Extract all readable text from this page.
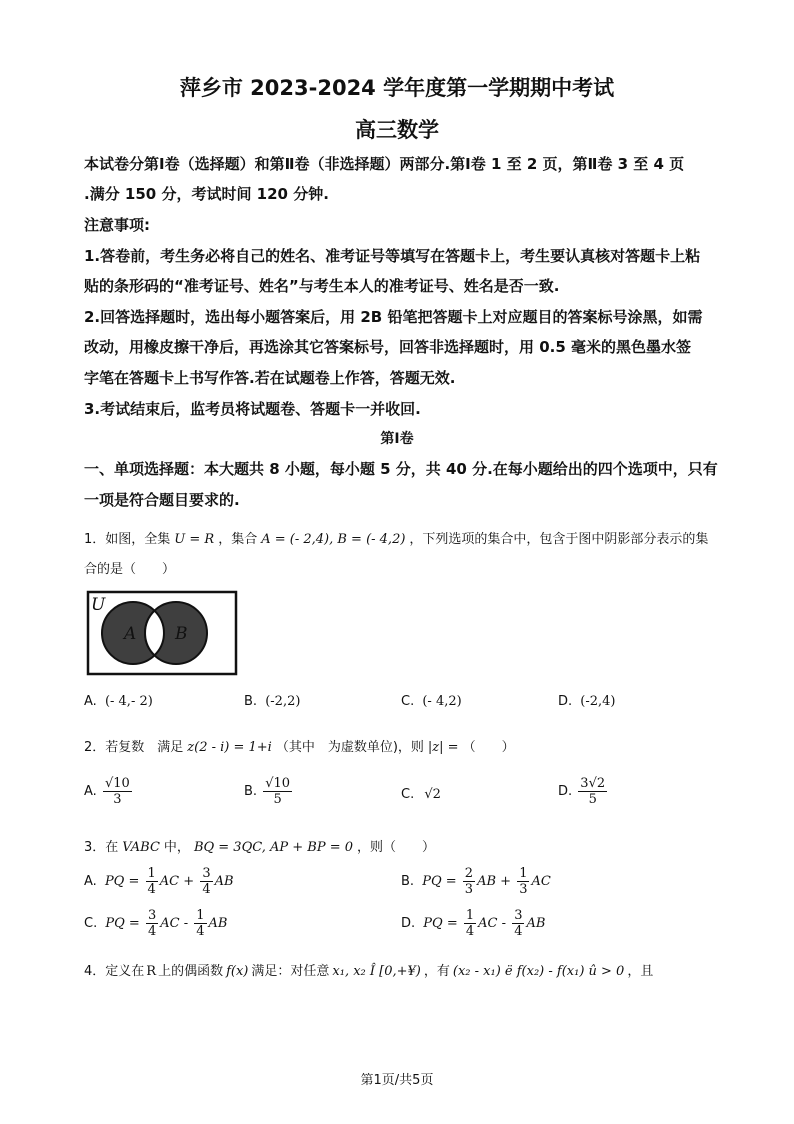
萍乡市 2023-2024 学年度第一学期期中考试
高三数学
本试卷分第Ⅰ卷（选择题）和第Ⅱ卷（非选择题）两部分.第Ⅰ卷 1 至 2 页，第Ⅱ卷 3 至 4 页
.满分 150 分，考试时间 120 分钟.
注意事项:
1.答卷前，考生务必将自己的姓名、准考证号等填写在答题卡上，考生要认真核对答题卡上粘
贴的条形码的“准考证号、姓名”与考生本人的准考证号、姓名是否一致.
2.回答选择题时，选出每小题答案后，用 2B 铅笔把答题卡上对应题目的答案标号涂黑，如需
改动，用橡皮擦干净后，再选涂其它答案标号，回答非选择题时，用 0.5 毫米的黑色墨水签
字笔在答题卡上书写作答.若在试题卷上作答，答题无效.
3.考试结束后，监考员将试题卷、答题卡一并收回.
第Ⅰ卷
一、单项选择题：本大题共 8 小题，每小题 5 分，共 40 分.在每小题给出的四个选项中，只有
一项是符合题目要求的.
1．如图，全集 U = R ，集合 A = (- 2,4), B = (- 4,2) ，下列选项的集合中，包含于图中阴影部分表示的集
合的是（　　）
U
A B
A. (- 4,- 2)	B. (-2,2)	C. (- 4,2)	D. (-2,4)
2．若复数　满足 z(2 - i) = 1+i （其中　为虚数单位)，则 |z| = （　　）
A. $\frac{√10}{3}$	B. $\frac{√10}{5}$	C. √2	D. $\frac{3√2}{5}$
3．在 VABC 中， BQ = 3QC, AP + BP = 0 ，则（　　）
A. PQ = $\frac{1}{4}$ AC + $\frac{3}{4}$ AB	B. PQ = $\frac{2}{3}$ AB + $\frac{1}{3}$ AC
C. PQ = $\frac{3}{4}$ AC - $\frac{1}{4}$ AB	D. PQ = $\frac{1}{4}$ AC - $\frac{3}{4}$ AB
4．定义在 R 上的偶函数 f(x) 满足：对任意 x₁, x₂ Î [0,+¥) ，有 (x₂ - x₁) ë f(x₂) - f(x₁) û > 0 ，且
第1页/共5页
